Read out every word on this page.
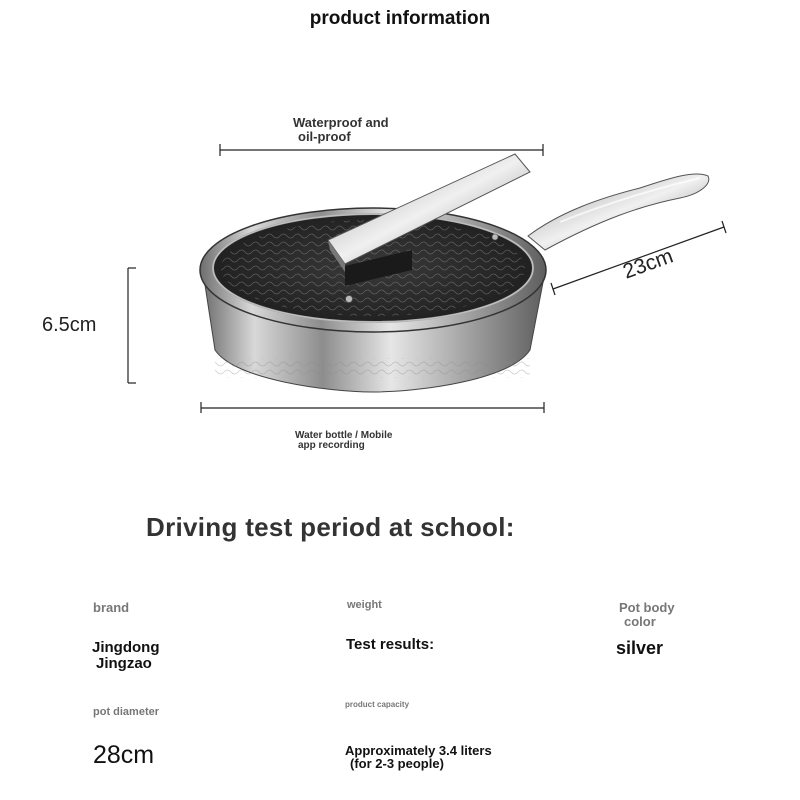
product information
Waterproof and
oil-proof
6.5cm
23cm
Water bottle / Mobile
app recording
Driving test period at school:
brand
Jingdong
Jingzao
weight
Test results:
Pot body
color
silver
pot diameter
28cm
product capacity
Approximately 3.4 liters
(for 2-3 people)
